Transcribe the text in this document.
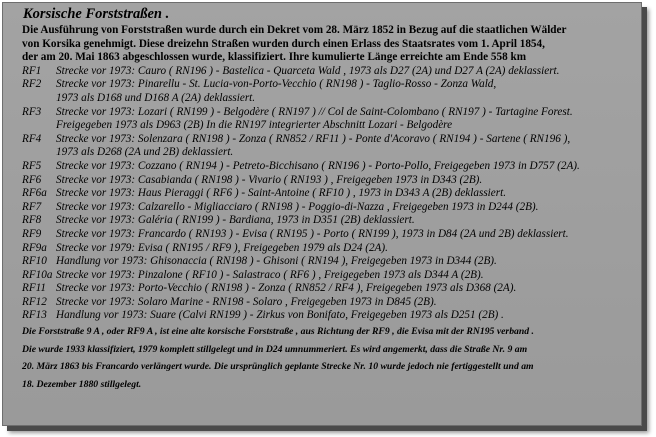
Korsische Forststraßen .
Die Ausführung von Forststraßen wurde durch ein Dekret vom 28. März 1852 in Bezug auf die staatlichen Wälder
von Korsika genehmigt. Diese dreizehn Straßen wurden durch einen Erlass des Staatsrates vom 1. April 1854,
der am 20. Mai 1863 abgeschlossen wurde, klassifiziert. Ihre kumulierte Länge erreichte am Ende 558 km
RF1	Strecke vor 1973: Cauro ( RN196 ) - Bastelica - Quarceta Wald , 1973 als D27 (2A) und D27 A (2A) deklassiert.
RF2	Strecke vor 1973: Pinarellu - St. Lucia-von-Porto-Vecchio ( RN198 ) - Taglio-Rosso - Zonza Wald,
1973 als D168 und D168 A (2A) deklassiert.
RF3	Strecke vor 1973: Lozari ( RN199 ) - Belgodère ( RN197 ) // Col de Saint-Colombano ( RN197 ) - Tartagine Forest.
Freigegeben 1973 als D963 (2B) In die RN197 integrierter Abschnitt Lozari - Belgodère
RF4	Strecke vor 1973: Solenzara ( RN198 ) - Zonza ( RN852 / RF11 ) - Ponte d'Acoravo ( RN194 ) - Sartene ( RN196 ),
1973 als D268 (2A und 2B) deklassiert.
RF5	Strecke vor 1973: Cozzano ( RN194 ) - Petreto-Bicchisano ( RN196 ) - Porto-Pollo, Freigegeben 1973 in D757 (2A).
RF6	Strecke vor 1973: Casabianda ( RN198 ) - Vivario ( RN193 ) , Freigegeben 1973 in D343 (2B).
RF6a Strecke vor 1973: Haus Pieraggi ( RF6 ) - Saint-Antoine ( RF10 ) , 1973 in D343 A (2B) deklassiert.
RF7	Strecke vor 1973: Calzarello - Migliacciaro ( RN198 ) - Poggio-di-Nazza , Freigegeben 1973 in D244 (2B).
RF8	Strecke vor 1973: Galéria ( RN199 ) - Bardiana, 1973 in D351 (2B) deklassiert.
RF9	Strecke vor 1973: Francardo ( RN193 ) - Evisa ( RN195 ) - Porto ( RN199 ), 1973 in D84 (2A und 2B) deklassiert.
RF9a Strecke vor 1979: Evisa ( RN195 / RF9 ), Freigegeben 1979 als D24 (2A).
RF10 Handlung vor 1973: Ghisonaccia ( RN198 ) - Ghisoni ( RN194 ), Freigegeben 1973 in D344 (2B).
RF10a Strecke vor 1973: Pinzalone ( RF10 ) - Salastraco ( RF6 ) , Freigegeben 1973 als D344 A (2B).
RF11 Strecke vor 1973: Porto-Vecchio ( RN198 ) - Zonza ( RN852 / RF4 ), Freigegeben 1973 als D368 (2A).
RF12 Strecke vor 1973: Solaro Marine - RN198 - Solaro , Freigegeben 1973 in D845 (2B).
RF13 Handlung vor 1973: Suare (Calvi RN199 ) - Zirkus von Bonifato, Freigegeben 1973 als D251 (2B) .
Die Forststraße 9 A , oder RF9 A , ist eine alte korsische Forststraße , aus Richtung der RF9 , die Evisa mit der RN195 verband .
Die wurde 1933 klassifiziert, 1979 komplett stillgelegt und in D24 umnummeriert. Es wird angemerkt, dass die Straße Nr. 9 am
20. März 1863 bis Francardo verlängert wurde. Die ursprünglich geplante Strecke Nr. 10 wurde jedoch nie fertiggestellt und am
18. Dezember 1880 stillgelegt.
